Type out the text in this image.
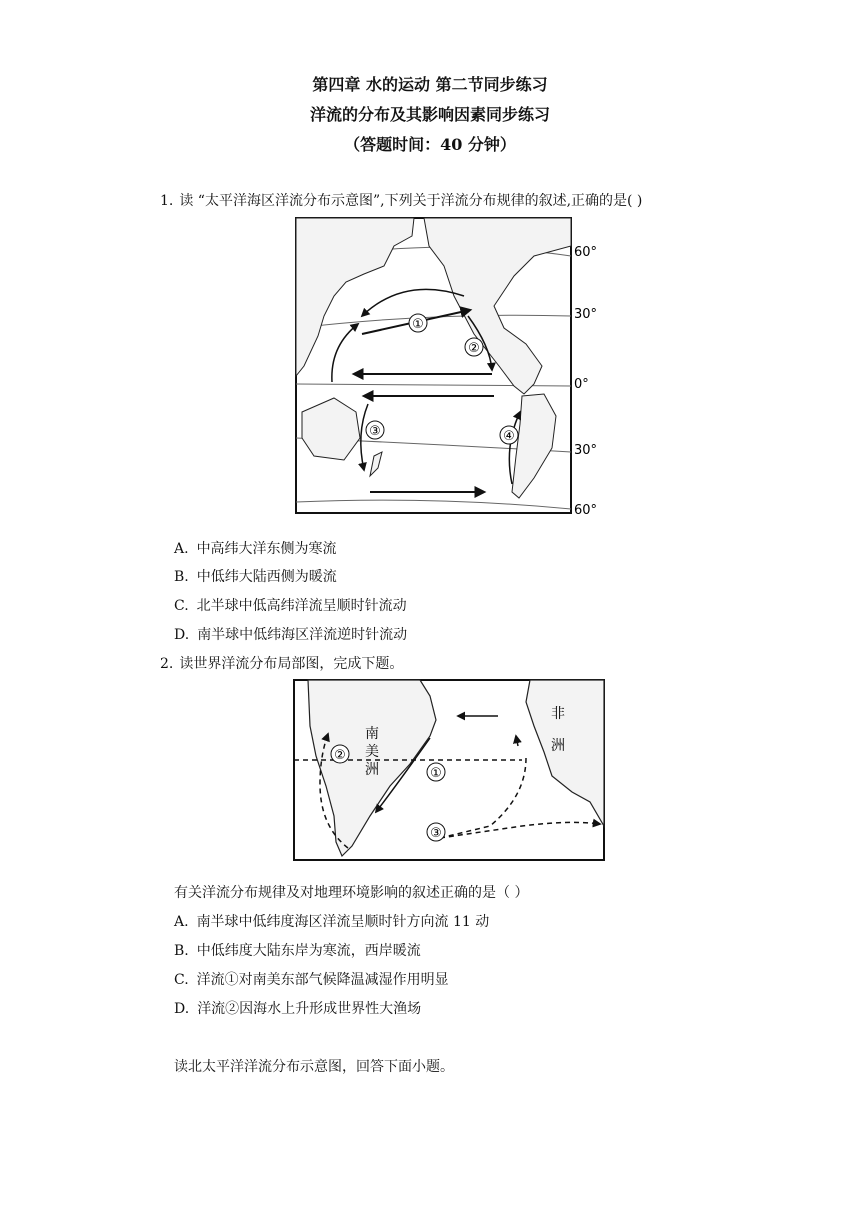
第四章 水的运动 第二节同步练习
洋流的分布及其影响因素同步练习
（答题时间：40 分钟）
1. 读 “太平洋海区洋流分布示意图”,下列关于洋流分布规律的叙述,正确的是( )
①
②
③	④
60°
30°
0°
30°
60°
A. 中高纬大洋东侧为寒流
B. 中低纬大陆西侧为暖流
C. 北半球中低高纬洋流呈顺时针流动
D. 南半球中低纬海区洋流逆时针流动
2. 读世界洋流分布局部图，完成下题。
南
美
洲
非
洲
②
①
③
有关洋流分布规律及对地理环境影响的叙述正确的是（ ）
A. 南半球中低纬度海区洋流呈顺时针方向流 11 动
B. 中低纬度大陆东岸为寒流，西岸暖流
C. 洋流①对南美东部气候降温减湿作用明显
D. 洋流②因海水上升形成世界性大渔场
读北太平洋洋流分布示意图，回答下面小题。
